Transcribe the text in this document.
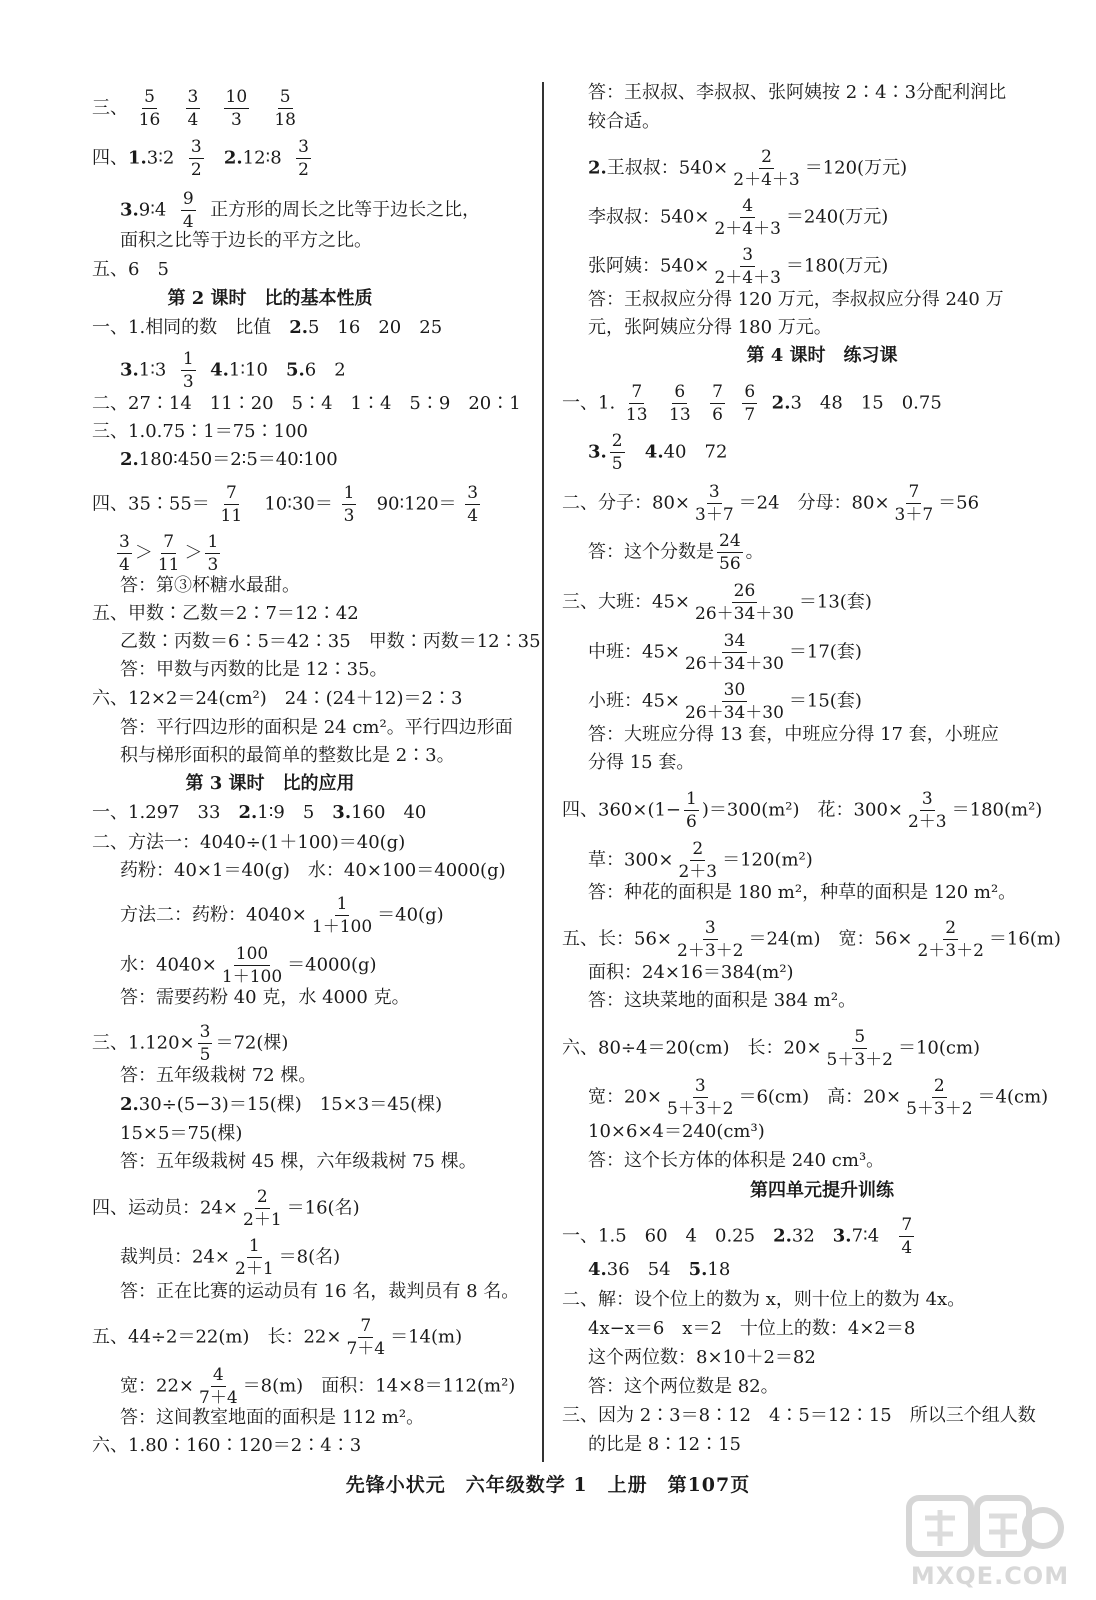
三、 $\frac{5}{16}$
$\frac{3}{4}$
$\frac{10}{3}$
$\frac{5}{18}$
四、1.3∶2 $\frac{3}{2}$ 2.12∶8 $\frac{3}{2}$
3.9∶4 $\frac{9}{4}$ 正方形的周长之比等于边长之比，
面积之比等于边长的平方之比。
五、6　5
第 2 课时　比的基本性质
一、1.相同的数　比值　2.5　16　20　25
3.1∶3 $\frac{1}{3}$ 4.1∶10　5.6　2
二、27∶14　11∶20　5∶4　1∶4　5∶9　20∶1
三、1.0.75∶1＝75∶100
2.180∶450＝2∶5＝40∶100
四、35∶55＝ $\frac{7}{11}$ 10∶30＝ $\frac{1}{3}$ 90∶120＝ $\frac{3}{4}$
$\frac{3}{4} > \frac{7}{11} > \frac{1}{3}$
答：第③杯糖水最甜。
五、甲数∶乙数＝2∶7＝12∶42
乙数∶丙数＝6∶5＝42∶35　甲数∶丙数＝12∶35
答：甲数与丙数的比是 12∶35。
六、12×2＝24(cm²)　24∶(24＋12)＝2∶3
答：平行四边形的面积是 24 cm²。平行四边形面
积与梯形面积的最简单的整数比是 2∶3。
第 3 课时　比的应用
一、1.297　33　2.1∶9　5　3.160　40
二、方法一：4040÷(1＋100)＝40(g)
药粉：40×1＝40(g)　水：40×100＝4000(g)
方法二：药粉：$4040\times \frac{1}{1+100} =40(g)$
水：$4040\times \frac{100}{1+100} =4000(g)$
答：需要药粉 40 克，水 4000 克。
三、$1.120\times \frac{3}{5} =72$(棵)
答：五年级栽树 72 棵。
2.30÷(5−3)＝15(棵)　15×3＝45(棵)
15×5＝75(棵)
答：五年级栽树 45 棵，六年级栽树 75 棵。
四、运动员：$24\times \frac{2}{2+1} =16$(名)
裁判员：$24\times \frac{1}{2+1} =8$(名)
答：正在比赛的运动员有 16 名，裁判员有 8 名。
五、44÷2＝22(m)　长：$22\times \frac{7}{7+4} =14(m)$
宽：$22\times \frac{4}{7+4} =8(m)$　面积：14×8＝112(m²)
答：这间教室地面的面积是 112 m²。
六、1.80∶160∶120＝2∶4∶3
答：王叔叔、李叔叔、张阿姨按 2∶4∶3分配利润比
较合适。
2.王叔叔：$540\times \frac{2}{2+4+3} =120$(万元)
李叔叔：$540\times \frac{4}{2+4+3} =240$(万元)
张阿姨：$540\times \frac{3}{2+4+3} =180$(万元)
答：王叔叔应分得 120 万元，李叔叔应分得 240 万
元，张阿姨应分得 180 万元。
第 4 课时　练习课
一、1. $\frac{7}{13}$
$\frac{6}{13}$
$\frac{7}{6}$
$\frac{6}{7} 2.3$　48　15　0.75
3. $\frac{2}{5} 4.40$　72
二、分子：$80\times \frac{3}{3+7} =24$　分母：$80\times \frac{7}{3+7} =56$
答：这个分数是 $\frac{24}{56}$ 。
三、大班：$45\times \frac{26}{26+34+30} =13$(套)
中班：$45\times \frac{34}{26+34+30} =17$(套)
小班：$45\times \frac{30}{26+34+30} =15$(套)
答：大班应分得 13 套，中班应分得 17 套，小班应
分得 15 套。
四、$360\times(1- \frac{1}{6} )=300(m^2)$　花：$300\times \frac{3}{2+3} =180(m^2)$
草：$300\times \frac{2}{2+3} =120(m^2)$
答：种花的面积是 180 m²，种草的面积是 120 m²。
五、长：$56\times \frac{3}{2+3+2} =24(m)$　宽：$56\times \frac{2}{2+3+2} =16(m)$
面积：24×16＝384(m²)
答：这块菜地的面积是 384 m²。
六、80÷4＝20(cm)　长：$20\times \frac{5}{5+3+2} =10(cm)$
宽：$20\times \frac{3}{5+3+2} =6(cm)$　高：$20\times \frac{2}{5+3+2} =4(cm)$
10×6×4＝240(cm³)
答：这个长方体的体积是 240 cm³。
第四单元提升训练
一、1.5　60　4　0.25　2.32　3.7∶4 $\frac{7}{4}$
4.36　54　5.18
二、解：设个位上的数为 x，则十位上的数为 4x。
4x−x＝6　x＝2　十位上的数：4×2＝8
这个两位数：8×10＋2＝82
答：这个两位数是 82。
三、因为 2∶3＝8∶12　4∶5＝12∶15　所以三个组人数
的比是 8∶12∶15
先锋小状元　六年级数学 1　上册　第107页
MXQE.COM
